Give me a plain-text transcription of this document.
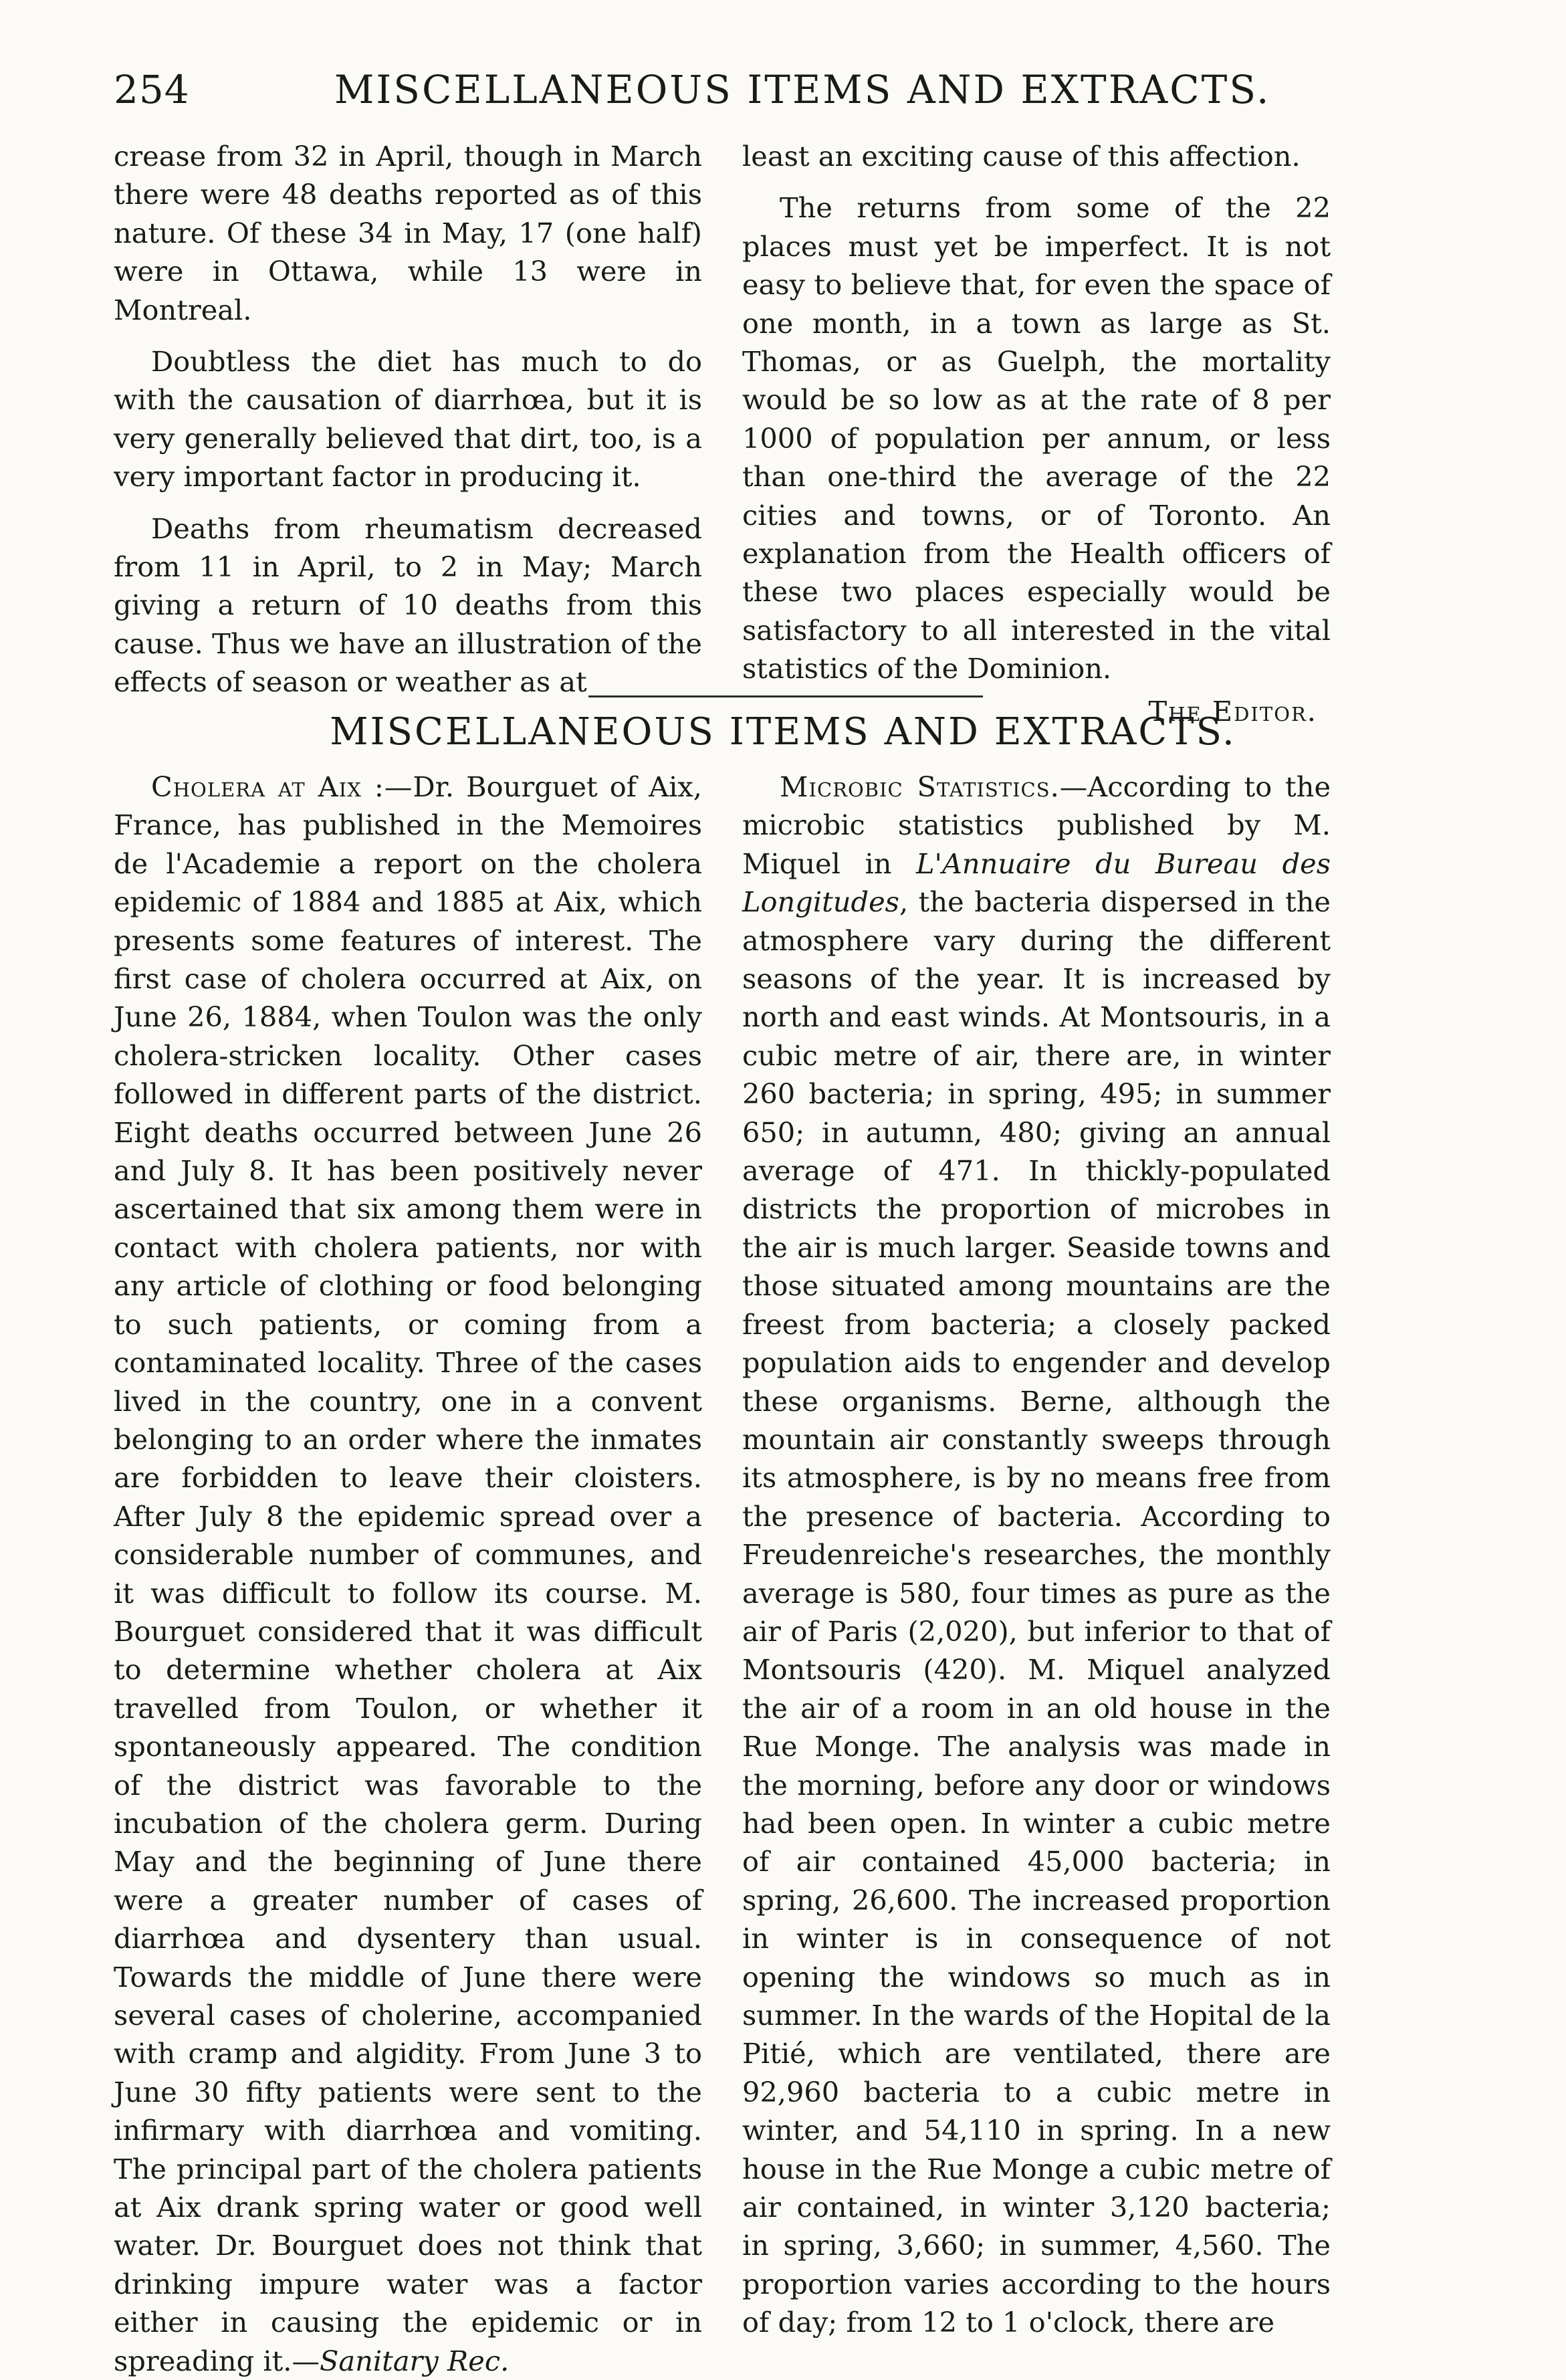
254	MISCELLANEOUS ITEMS AND EXTRACTS.

crease from 32 in April, though in March there were 48 deaths reported as of this nature. Of these 34 in May, 17 (one half) were in Ottawa, while 13 were in Montreal.

Doubtless the diet has much to do with the causation of diarrhœa, but it is very generally believed that dirt, too, is a very important factor in producing it.

Deaths from rheumatism decreased from 11 in April, to 2 in May; March giving a return of 10 deaths from this cause. Thus we have an illustration of the effects of season or weather as at

least an exciting cause of this affection.

The returns from some of the 22 places must yet be imperfect. It is not easy to believe that, for even the space of one month, in a town as large as St. Thomas, or as Guelph, the mortality would be so low as at the rate of 8 per 1000 of population per annum, or less than one-third the average of the 22 cities and towns, or of Toronto. An explanation from the Health officers of these two places especially would be satisfactory to all interested in the vital statistics of the Dominion.

The Editor.

MISCELLANEOUS ITEMS AND EXTRACTS.

Cholera at Aix :—Dr. Bourguet of Aix, France, has published in the Memoires de l'Academie a report on the cholera epidemic of 1884 and 1885 at Aix, which presents some features of interest. The first case of cholera occurred at Aix, on June 26, 1884, when Toulon was the only cholera-stricken locality. Other cases followed in different parts of the district. Eight deaths occurred between June 26 and July 8. It has been positively never ascertained that six among them were in contact with cholera patients, nor with any article of clothing or food belonging to such patients, or coming from a contaminated locality. Three of the cases lived in the country, one in a convent belonging to an order where the inmates are forbidden to leave their cloisters. After July 8 the epidemic spread over a considerable number of communes, and it was difficult to follow its course. M. Bourguet considered that it was difficult to determine whether cholera at Aix travelled from Toulon, or whether it spontaneously appeared. The condition of the district was favorable to the incubation of the cholera germ. During May and the beginning of June there were a greater number of cases of diarrhœa and dysentery than usual. Towards the middle of June there were several cases of cholerine, accompanied with cramp and algidity. From June 3 to June 30 fifty patients were sent to the infirmary with diarrhœa and vomiting. The principal part of the cholera patients at Aix drank spring water or good well water. Dr. Bourguet does not think that drinking impure water was a factor either in causing the epidemic or in spreading it.—Sanitary Rec.

Microbic Statistics.—According to the microbic statistics published by M. Miquel in L'Annuaire du Bureau des Longitudes, the bacteria dispersed in the atmosphere vary during the different seasons of the year. It is increased by north and east winds. At Montsouris, in a cubic metre of air, there are, in winter 260 bacteria; in spring, 495; in summer 650; in autumn, 480; giving an annual average of 471. In thickly-populated districts the proportion of microbes in the air is much larger. Seaside towns and those situated among mountains are the freest from bacteria; a closely packed population aids to engender and develop these organisms. Berne, although the mountain air constantly sweeps through its atmosphere, is by no means free from the presence of bacteria. According to Freudenreiche's researches, the monthly average is 580, four times as pure as the air of Paris (2,020), but inferior to that of Montsouris (420). M. Miquel analyzed the air of a room in an old house in the Rue Monge. The analysis was made in the morning, before any door or windows had been open. In winter a cubic metre of air contained 45,000 bacteria; in spring, 26,600. The increased proportion in winter is in consequence of not opening the windows so much as in summer. In the wards of the Hopital de la Pitié, which are ventilated, there are 92,960 bacteria to a cubic metre in winter, and 54,110 in spring. In a new house in the Rue Monge a cubic metre of air contained, in winter 3,120 bacteria; in spring, 3,660; in summer, 4,560. The proportion varies according to the hours of day; from 12 to 1 o'clock, there are
